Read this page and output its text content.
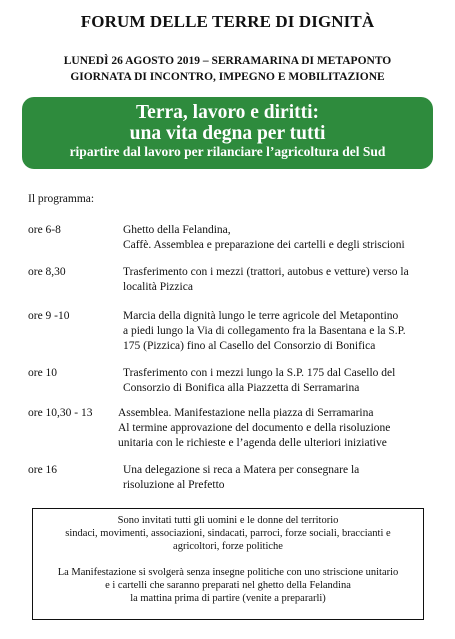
FORUM DELLE TERRE DI DIGNITÀ
LUNEDÌ 26 AGOSTO 2019 – SERRAMARINA DI METAPONTO
GIORNATA DI INCONTRO, IMPEGNO E MOBILITAZIONE
Terra, lavoro e diritti:
una vita degna per tutti
ripartire dal lavoro per rilanciare l’agricoltura del Sud
Il programma:
ore 6-8	Ghetto della Felandina,
Caffè. Assemblea e preparazione dei cartelli e degli striscioni
ore 8,30	Trasferimento con i mezzi (trattori, autobus e vetture) verso la
località Pizzica
ore 9 -10	Marcia della dignità lungo le terre agricole del Metapontino
a piedi lungo la Via di collegamento fra la Basentana e la S.P.
175 (Pizzica) fino al Casello del Consorzio di Bonifica
ore 10	Trasferimento con i mezzi lungo la S.P. 175 dal Casello del
Consorzio di Bonifica alla Piazzetta di Serramarina
ore 10,30 - 13	Assemblea. Manifestazione nella piazza di Serramarina
Al termine approvazione del documento e della risoluzione
unitaria con le richieste e l’agenda delle ulteriori iniziative
ore 16	Una delegazione si reca a Matera per consegnare la
risoluzione al Prefetto

Sono invitati tutti gli uomini e le donne del territorio

sindaci, movimenti, associazioni, sindacati, parroci, forze sociali, braccianti e

agricoltori, forze politiche

La Manifestazione si svolgerà senza insegne politiche con uno striscione unitario

e i cartelli che saranno preparati nel ghetto della Felandina

la mattina prima di partire (venite a prepararli)
